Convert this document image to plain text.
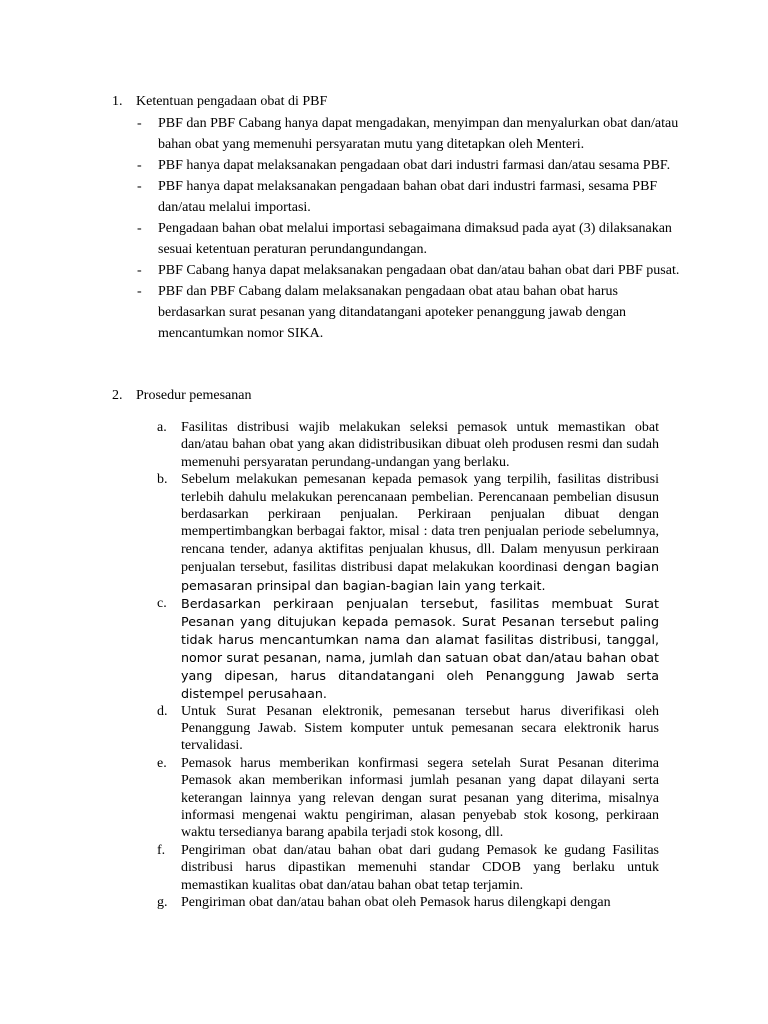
1. Ketentuan pengadaan obat di PBF
- PBF dan PBF Cabang hanya dapat mengadakan, menyimpan dan menyalurkan obat dan/atau bahan obat yang memenuhi persyaratan mutu yang ditetapkan oleh Menteri.
- PBF hanya dapat melaksanakan pengadaan obat dari industri farmasi dan/atau sesama PBF.
- PBF hanya dapat melaksanakan pengadaan bahan obat dari industri farmasi, sesama PBF dan/atau melalui importasi.
- Pengadaan bahan obat melalui importasi sebagaimana dimaksud pada ayat (3) dilaksanakan sesuai ketentuan peraturan perundangundangan.
- PBF Cabang hanya dapat melaksanakan pengadaan obat dan/atau bahan obat dari PBF pusat.
- PBF dan PBF Cabang dalam melaksanakan pengadaan obat atau bahan obat harus berdasarkan surat pesanan yang ditandatangani apoteker penanggung jawab dengan mencantumkan nomor SIKA.
2. Prosedur pemesanan
a. Fasilitas distribusi wajib melakukan seleksi pemasok untuk memastikan obat dan/atau bahan obat yang akan didistribusikan dibuat oleh produsen resmi dan sudah memenuhi persyaratan perundang-undangan yang berlaku.
b. Sebelum melakukan pemesanan kepada pemasok yang terpilih, fasilitas distribusi terlebih dahulu melakukan perencanaan pembelian. Perencanaan pembelian disusun berdasarkan perkiraan penjualan. Perkiraan penjualan dibuat dengan mempertimbangkan berbagai faktor, misal : data tren penjualan periode sebelumnya, rencana tender, adanya aktifitas penjualan khusus, dll. Dalam menyusun perkiraan penjualan tersebut, fasilitas distribusi dapat melakukan koordinasi dengan bagian pemasaran prinsipal dan bagian-bagian lain yang terkait.
c. Berdasarkan perkiraan penjualan tersebut, fasilitas membuat Surat Pesanan yang ditujukan kepada pemasok. Surat Pesanan tersebut paling tidak harus mencantumkan nama dan alamat fasilitas distribusi, tanggal, nomor surat pesanan, nama, jumlah dan satuan obat dan/atau bahan obat yang dipesan, harus ditandatangani oleh Penanggung Jawab serta distempel perusahaan.
d. Untuk Surat Pesanan elektronik, pemesanan tersebut harus diverifikasi oleh Penanggung Jawab. Sistem komputer untuk pemesanan secara elektronik harus tervalidasi.
e. Pemasok harus memberikan konfirmasi segera setelah Surat Pesanan diterima Pemasok akan memberikan informasi jumlah pesanan yang dapat dilayani serta keterangan lainnya yang relevan dengan surat pesanan yang diterima, misalnya informasi mengenai waktu pengiriman, alasan penyebab stok kosong, perkiraan waktu tersedianya barang apabila terjadi stok kosong, dll.
f. Pengiriman obat dan/atau bahan obat dari gudang Pemasok ke gudang Fasilitas distribusi harus dipastikan memenuhi standar CDOB yang berlaku untuk memastikan kualitas obat dan/atau bahan obat tetap terjamin.
g. Pengiriman obat dan/atau bahan obat oleh Pemasok harus dilengkapi dengan
